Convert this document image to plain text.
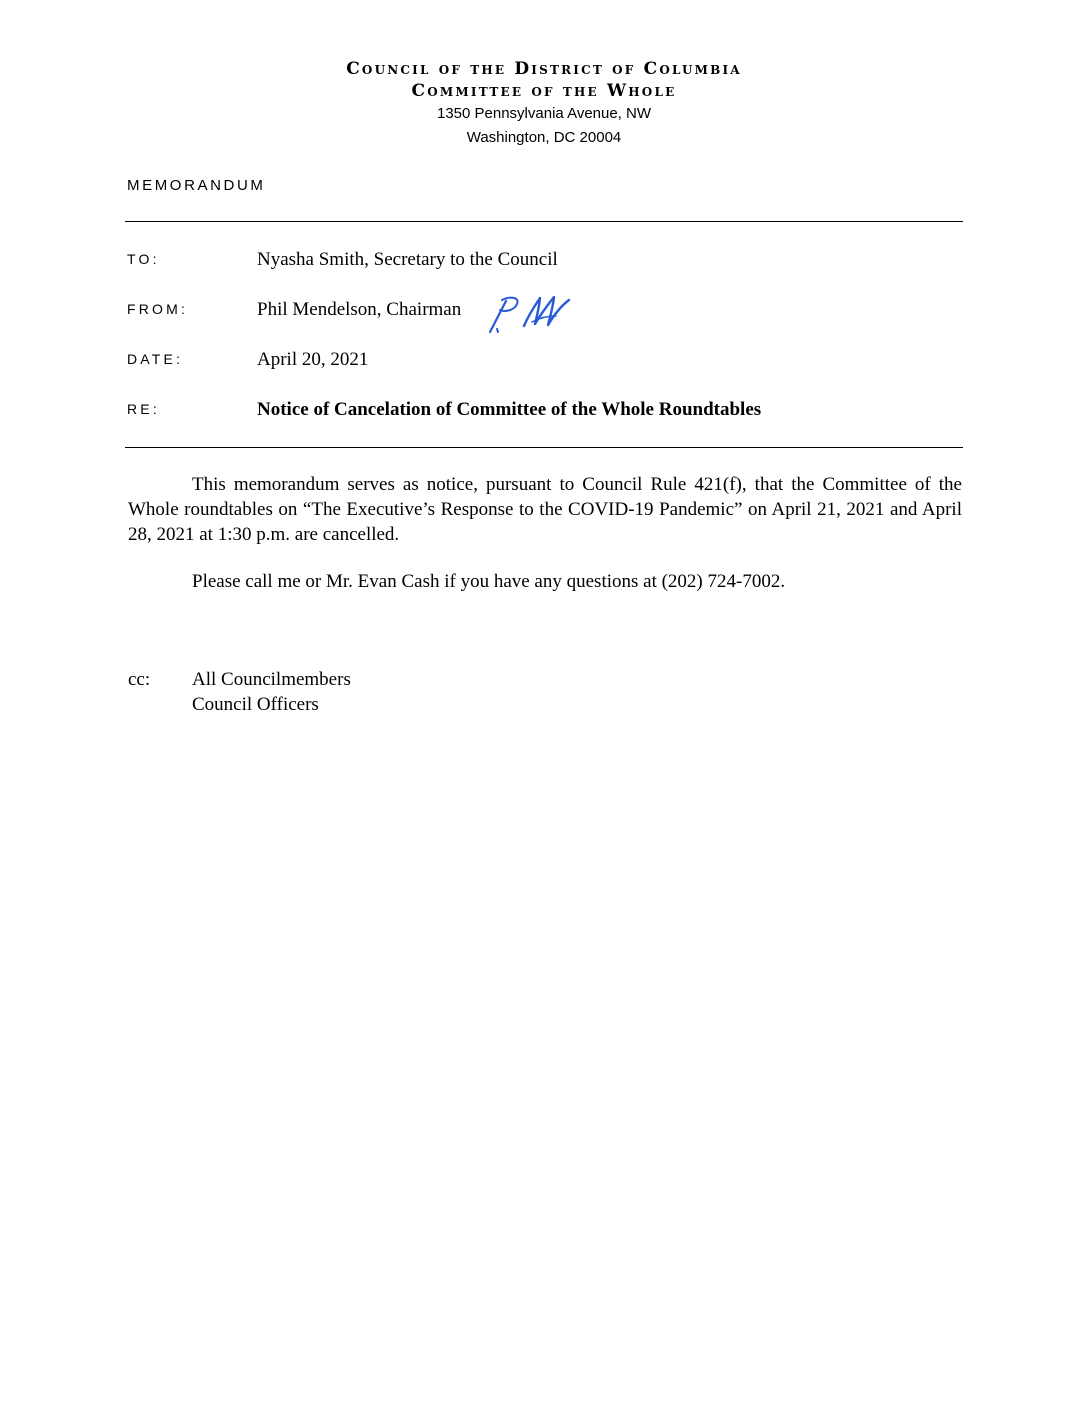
Council of the District of Columbia
Committee of the Whole
1350 Pennsylvania Avenue, NW
Washington, DC 20004
MEMORANDUM
TO:	Nyasha Smith, Secretary to the Council
FROM:	Phil Mendelson, Chairman
DATE:	April 20, 2021
RE:	Notice of Cancelation of Committee of the Whole Roundtables

This memorandum serves as notice, pursuant to Council Rule 421(f), that the Committee of the Whole roundtables on “The Executive’s Response to the COVID-19 Pandemic” on April 21, 2021 and April 28, 2021 at 1:30 p.m. are cancelled.

Please call me or Mr. Evan Cash if you have any questions at (202) 724-7002.

cc: All Councilmembers
Council Officers
